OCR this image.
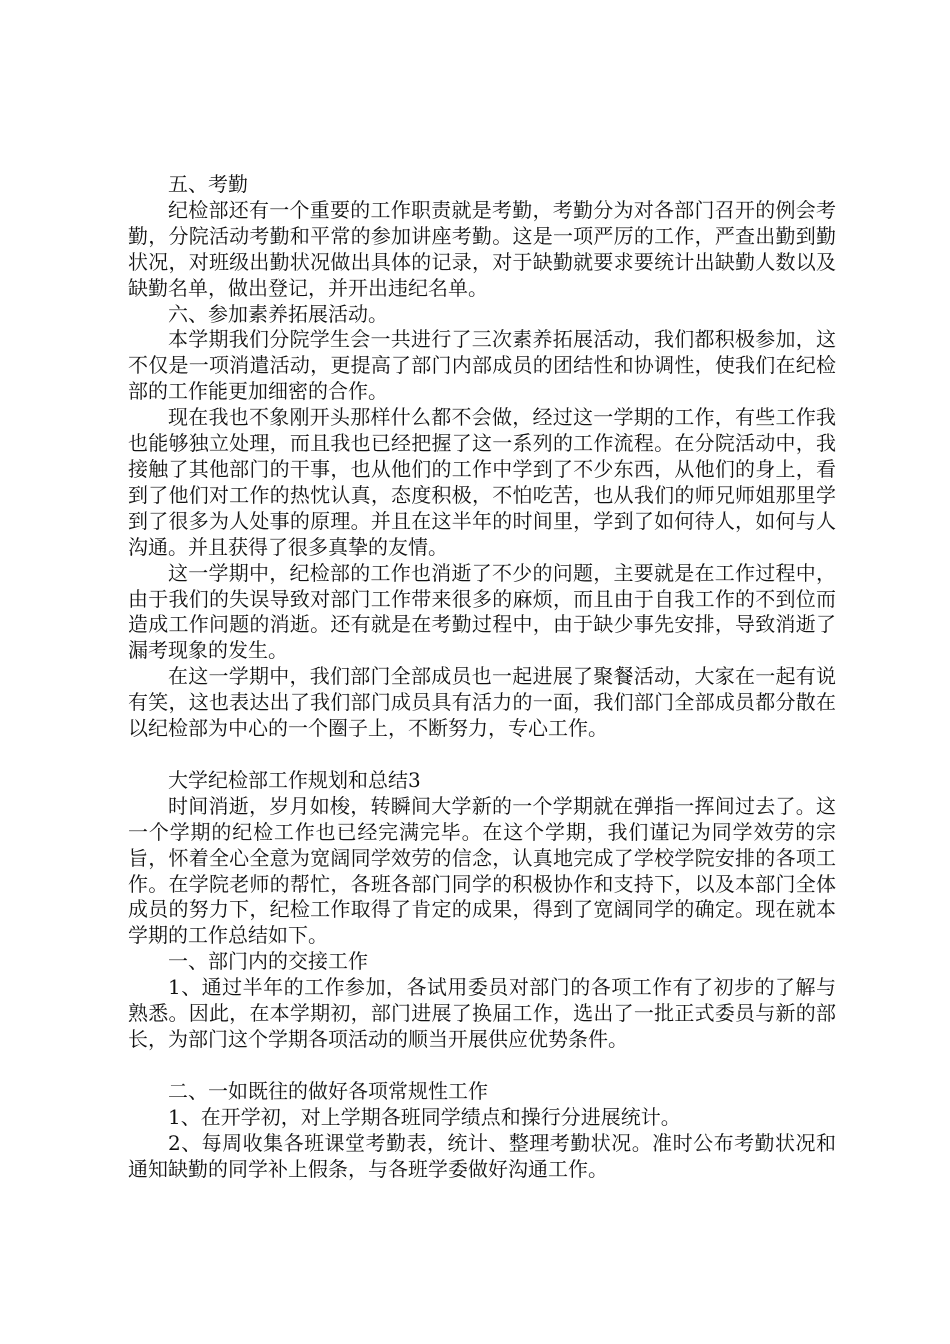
五、考勤

纪检部还有一个重要的工作职责就是考勤，考勤分为对各部门召开的例会考勤，分院活动考勤和平常的参加讲座考勤。这是一项严厉的工作，严查出勤到勤状况，对班级出勤状况做出具体的记录，对于缺勤就要求要统计出缺勤人数以及缺勤名单，做出登记，并开出违纪名单。

六、参加素养拓展活动。

本学期我们分院学生会一共进行了三次素养拓展活动，我们都积极参加，这不仅是一项消遣活动，更提高了部门内部成员的团结性和协调性，使我们在纪检部的工作能更加细密的合作。

现在我也不象刚开头那样什么都不会做，经过这一学期的工作，有些工作我也能够独立处理，而且我也已经把握了这一系列的工作流程。在分院活动中，我接触了其他部门的干事，也从他们的工作中学到了不少东西，从他们的身上，看到了他们对工作的热忱认真，态度积极，不怕吃苦，也从我们的师兄师姐那里学到了很多为人处事的原理。并且在这半年的时间里，学到了如何待人，如何与人沟通。并且获得了很多真挚的友情。

这一学期中，纪检部的工作也消逝了不少的问题，主要就是在工作过程中，由于我们的失误导致对部门工作带来很多的麻烦，而且由于自我工作的不到位而造成工作问题的消逝。还有就是在考勤过程中，由于缺少事先安排，导致消逝了漏考现象的发生。

在这一学期中，我们部门全部成员也一起进展了聚餐活动，大家在一起有说有笑，这也表达出了我们部门成员具有活力的一面，我们部门全部成员都分散在以纪检部为中心的一个圈子上，不断努力，专心工作。

大学纪检部工作规划和总结3

时间消逝，岁月如梭，转瞬间大学新的一个学期就在弹指一挥间过去了。这一个学期的纪检工作也已经完满完毕。在这个学期，我们谨记为同学效劳的宗旨，怀着全心全意为宽阔同学效劳的信念，认真地完成了学校学院安排的各项工作。在学院老师的帮忙，各班各部门同学的积极协作和支持下，以及本部门全体成员的努力下，纪检工作取得了肯定的成果，得到了宽阔同学的确定。现在就本学期的工作总结如下。

一、部门内的交接工作

1、通过半年的工作参加，各试用委员对部门的各项工作有了初步的了解与熟悉。因此，在本学期初，部门进展了换届工作，选出了一批正式委员与新的部长，为部门这个学期各项活动的顺当开展供应优势条件。

二、一如既往的做好各项常规性工作

1、在开学初，对上学期各班同学绩点和操行分进展统计。

2、每周收集各班课堂考勤表，统计、整理考勤状况。准时公布考勤状况和通知缺勤的同学补上假条，与各班学委做好沟通工作。
